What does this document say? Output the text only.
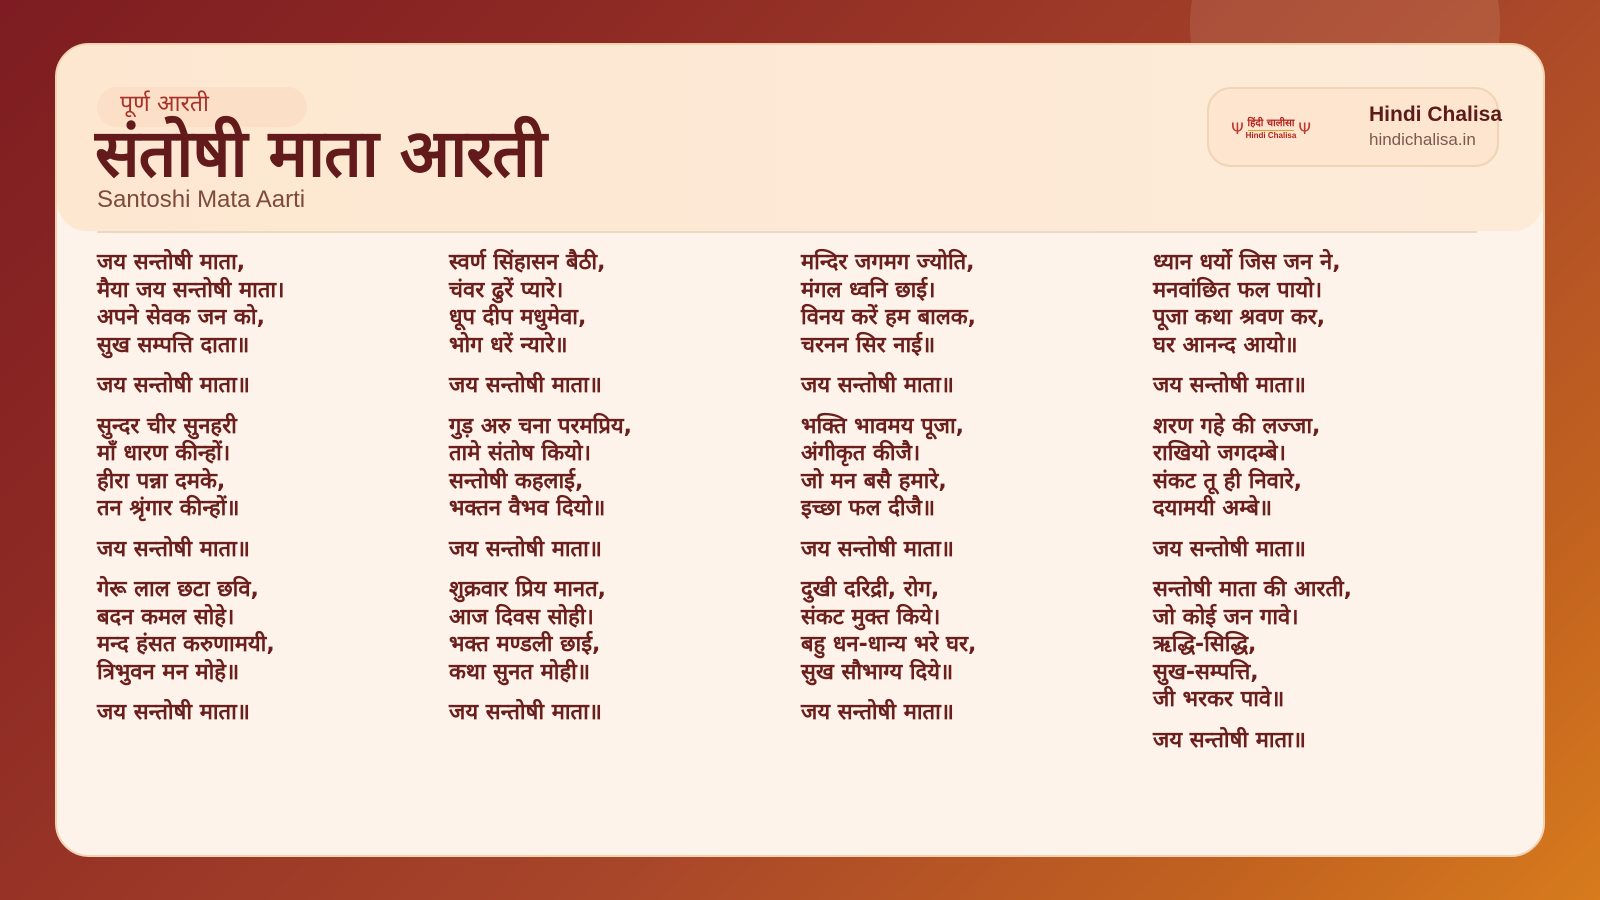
पूर्ण आरती
संतोषी माता आरती
Santoshi Mata Aarti
Ψ हिंदी चालीसा
Hindi Chalisa Ψ
Hindi Chalisa
hindichalisa.in
जय सन्तोषी माता,
मैया जय सन्तोषी माता।
अपने सेवक जन को,
सुख सम्पत्ति दाता॥
जय सन्तोषी माता॥
सुन्दर चीर सुनहरी
माँ धारण कीन्हों।
हीरा पन्ना दमके,
तन श्रृंगार कीन्हों॥
जय सन्तोषी माता॥
गेरू लाल छटा छवि,
बदन कमल सोहे।
मन्द हंसत करुणामयी,
त्रिभुवन मन मोहे॥
जय सन्तोषी माता॥
स्वर्ण सिंहासन बैठी,
चंवर ढुरें प्यारे।
धूप दीप मधुमेवा,
भोग धरें न्यारे॥
जय सन्तोषी माता॥
गुड़ अरु चना परमप्रिय,
तामे संतोष कियो।
सन्तोषी कहलाई,
भक्तन वैभव दियो॥
जय सन्तोषी माता॥
शुक्रवार प्रिय मानत,
आज दिवस सोही।
भक्त मण्डली छाई,
कथा सुनत मोही॥
जय सन्तोषी माता॥
मन्दिर जगमग ज्योति,
मंगल ध्वनि छाई।
विनय करें हम बालक,
चरनन सिर नाई॥
जय सन्तोषी माता॥
भक्ति भावमय पूजा,
अंगीकृत कीजै।
जो मन बसै हमारे,
इच्छा फल दीजै॥
जय सन्तोषी माता॥
दुखी दरिद्री, रोग,
संकट मुक्त किये।
बहु धन-धान्य भरे घर,
सुख सौभाग्य दिये॥
जय सन्तोषी माता॥
ध्यान धर्यो जिस जन ने,
मनवांछित फल पायो।
पूजा कथा श्रवण कर,
घर आनन्द आयो॥
जय सन्तोषी माता॥
शरण गहे की लज्जा,
राखियो जगदम्बे।
संकट तू ही निवारे,
दयामयी अम्बे॥
जय सन्तोषी माता॥
सन्तोषी माता की आरती,
जो कोई जन गावे।
ऋद्धि-सिद्धि,
सुख-सम्पत्ति,
जी भरकर पावे॥
जय सन्तोषी माता॥
